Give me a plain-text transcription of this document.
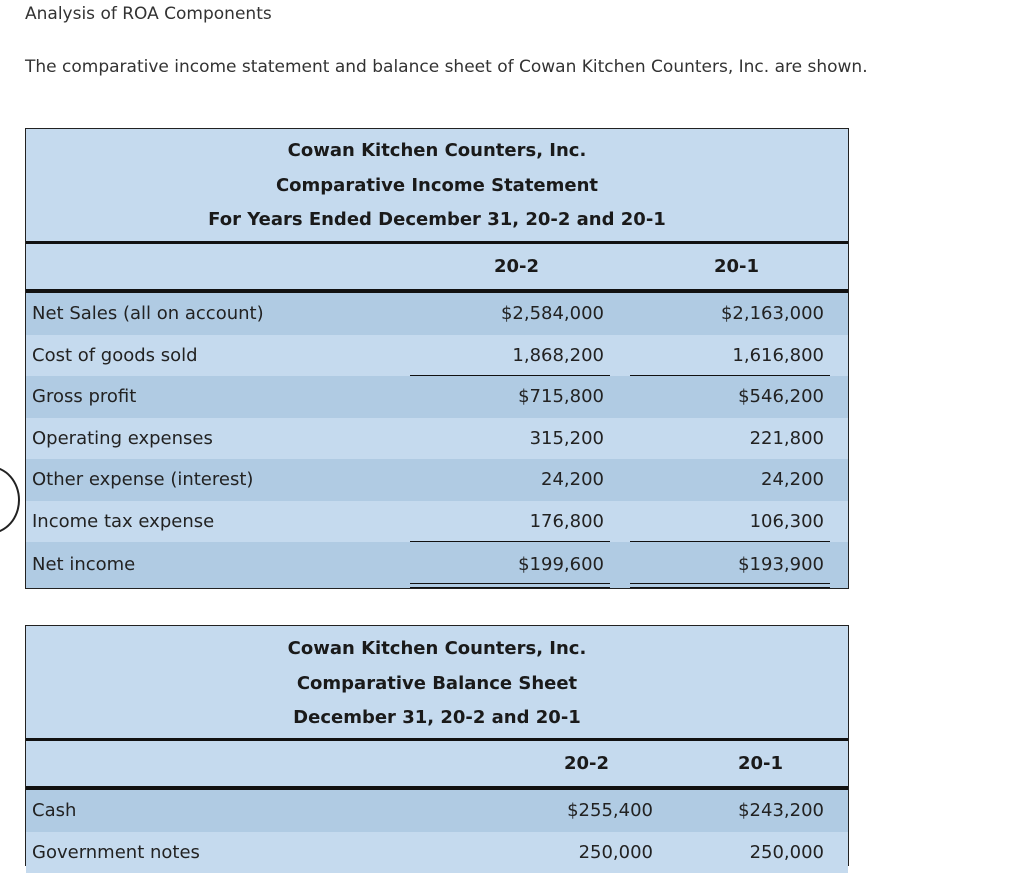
Analysis of ROA Components

The comparative income statement and balance sheet of Cowan Kitchen Counters, Inc. are shown.

Cowan Kitchen Counters, Inc.
Comparative Income Statement
For Years Ended December 31, 20-2 and 20-1
20-2	20-1
Net Sales (all on account)	$2,584,000	$2,163,000
Cost of goods sold	1,868,200	1,616,800
Gross profit	$715,800	$546,200
Operating expenses	315,200	221,800
Other expense (interest)	24,200	24,200
Income tax expense	176,800	106,300
Net income	$199,600	$193,900
Cowan Kitchen Counters, Inc.
Comparative Balance Sheet
December 31, 20-2 and 20-1
20-2	20-1
Cash	$255,400	$243,200
Government notes	250,000	250,000
